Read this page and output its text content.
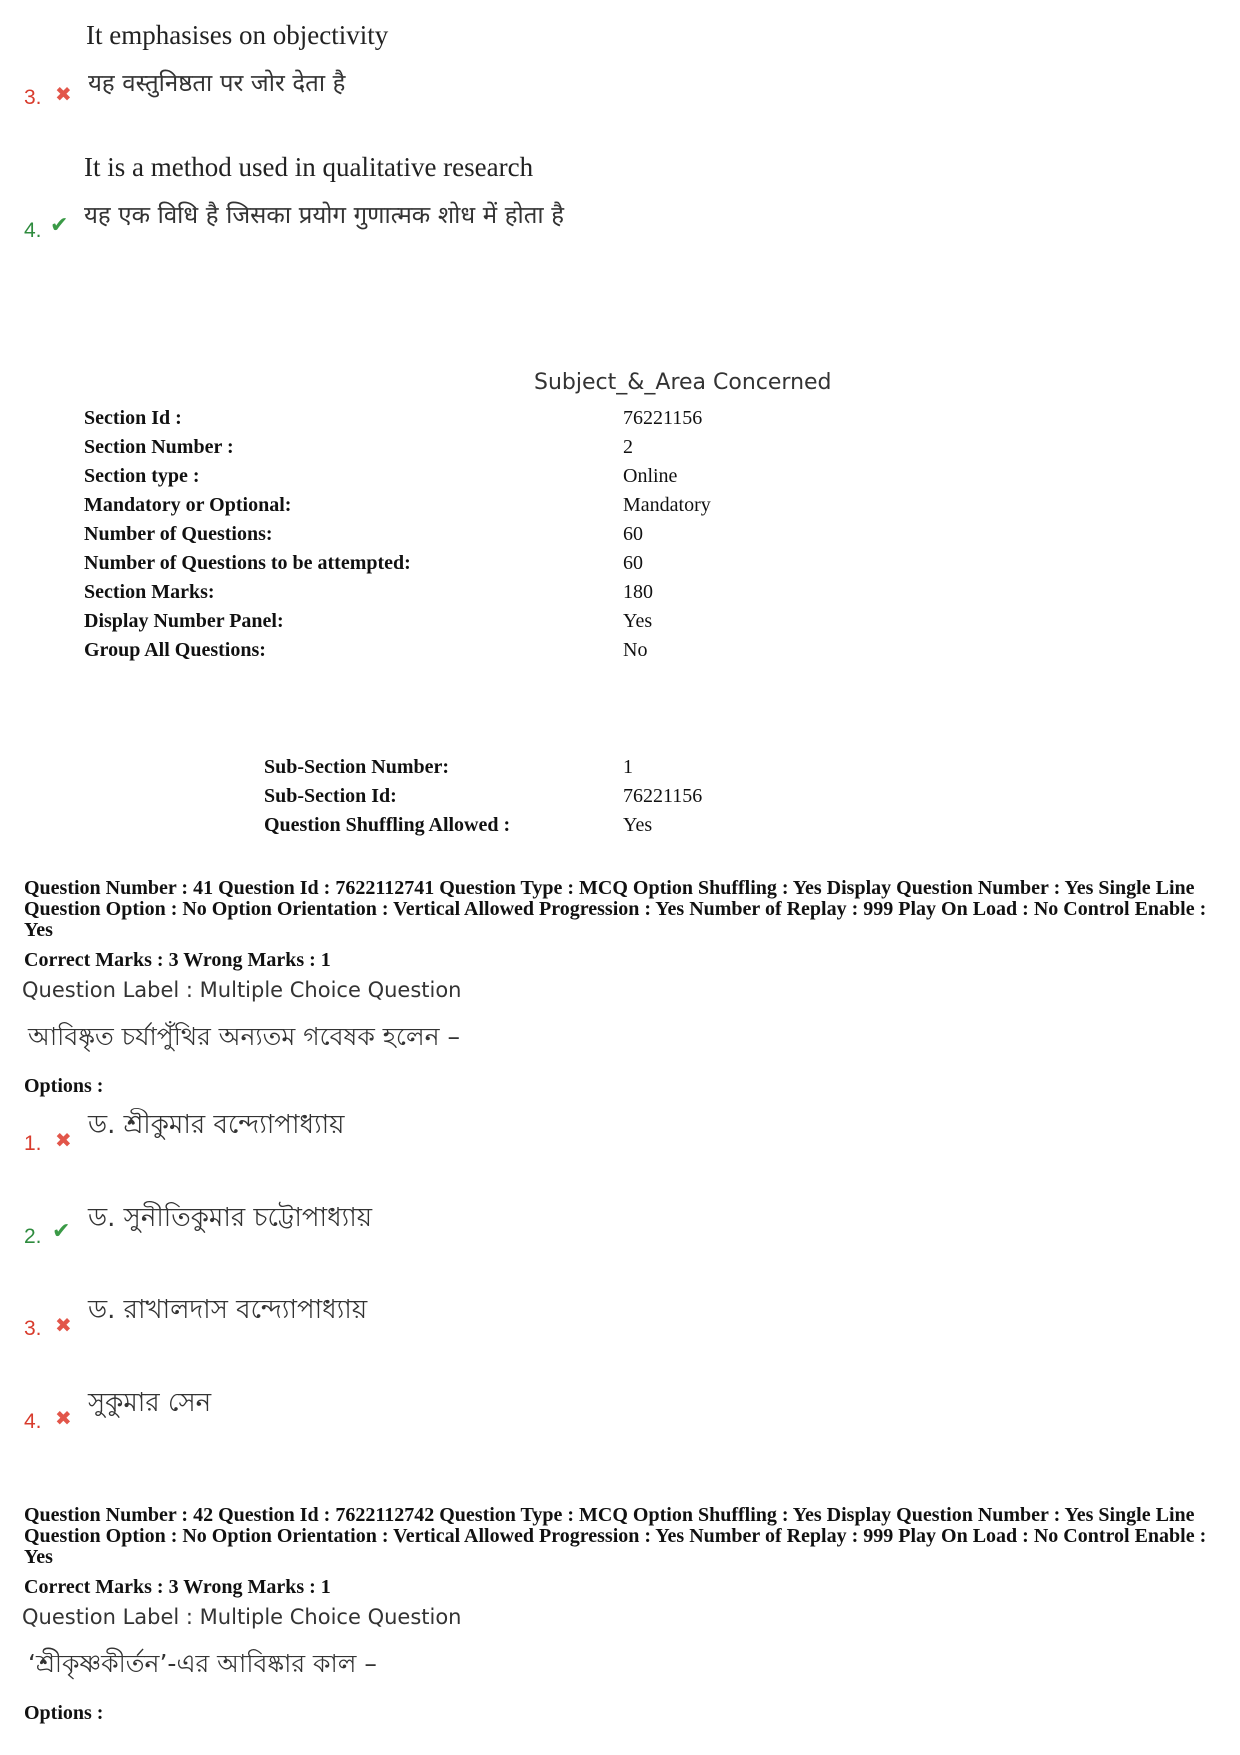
It emphasises on objectivity
3. ✖ यह वस्तुनिष्ठता पर जोर देता है
It is a method used in qualitative research
4. ✔ यह एक विधि है जिसका प्रयोग गुणात्मक शोध में होता है
Subject_&_Area Concerned
Section Id :	76221156
Section Number :	2
Section type :	Online
Mandatory or Optional:	Mandatory
Number of Questions:	60
Number of Questions to be attempted:	60
Section Marks:	180
Display Number Panel:	Yes
Group All Questions:	No
Sub-Section Number:	1
Sub-Section Id:	76221156
Question Shuffling Allowed :	Yes
Question Number : 41 Question Id : 7622112741 Question Type : MCQ Option Shuffling : Yes Display Question Number : Yes Single Line Question Option : No Option Orientation : Vertical Allowed Progression : Yes Number of Replay : 999 Play On Load : No Control Enable : Yes
Correct Marks : 3 Wrong Marks : 1
Question Label : Multiple Choice Question
আবিষ্কৃত চর্যাপুঁথির অন্যতম গবেষক হলেন –
Options :
1. ✖ ড. শ্রীকুমার বন্দ্যোপাধ্যায়
2. ✔ ড. সুনীতিকুমার চট্টোপাধ্যায়
3. ✖ ড. রাখালদাস বন্দ্যোপাধ্যায়
4. ✖ সুকুমার সেন
Question Number : 42 Question Id : 7622112742 Question Type : MCQ Option Shuffling : Yes Display Question Number : Yes Single Line Question Option : No Option Orientation : Vertical Allowed Progression : Yes Number of Replay : 999 Play On Load : No Control Enable : Yes
Correct Marks : 3 Wrong Marks : 1
Question Label : Multiple Choice Question
‘শ্রীকৃষ্ণকীর্তন’-এর আবিষ্কার কাল –
Options :
